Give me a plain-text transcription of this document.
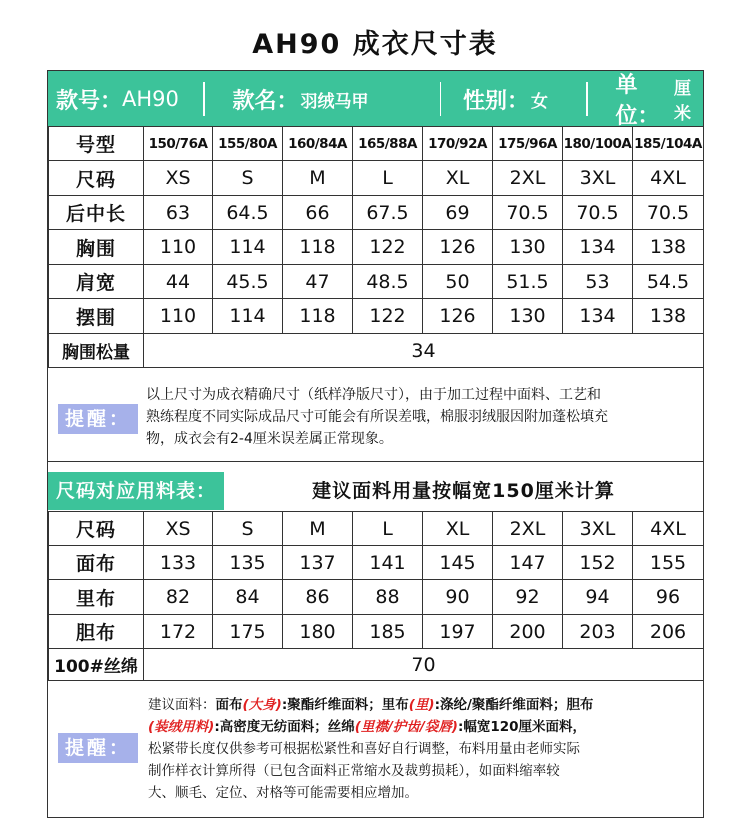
AH90 成衣尺寸表
款号： AH90 款名： 羽绒马甲	性别： 女
单位：
厘米
号型	150/76A	155/80A	160/84A	165/88A	170/92A	175/96A	180/100A	185/104A
尺码	XS	S	M	L	XL	2XL	3XL	4XL
后中长	63	64.5	66	67.5	69	70.5	70.5	70.5
胸围	110	114	118	122	126	130	134	138
肩宽	44	45.5	47	48.5	50	51.5	53	54.5
摆围	110	114	118	122	126	130	134	138
胸围松量	34							
提醒：
以上尺寸为成衣精确尺寸（纸样净版尺寸），由于加工过程中面料、工艺和
熟练程度不同实际成品尺寸可能会有所误差哦，棉服羽绒服因附加蓬松填充
物，成衣会有2-4厘米误差属正常现象。
尺码对应用料表：	建议面料用量按幅宽150厘米计算
尺码	XS	S	M	L	XL	2XL	3XL	4XL
面布	133	135	137	141	145	147	152	155
里布	82	84	86	88	90	92	94	96
胆布	172	175	180	185	197	200	203	206
100#丝绵	70							
提醒：
建议面料：面布(大身):聚酯纤维面料；里布(里):涤纶/聚酯纤维面料；胆布
(装绒用料):高密度无纺面料；丝绵(里襟/护齿/袋唇):幅宽120厘米面料，
松紧带长度仅供参考可根据松紧性和喜好自行调整，布料用量由老师实际
制作样衣计算所得（已包含面料正常缩水及裁剪损耗），如面料缩率较
大、顺毛、定位、对格等可能需要相应增加。
